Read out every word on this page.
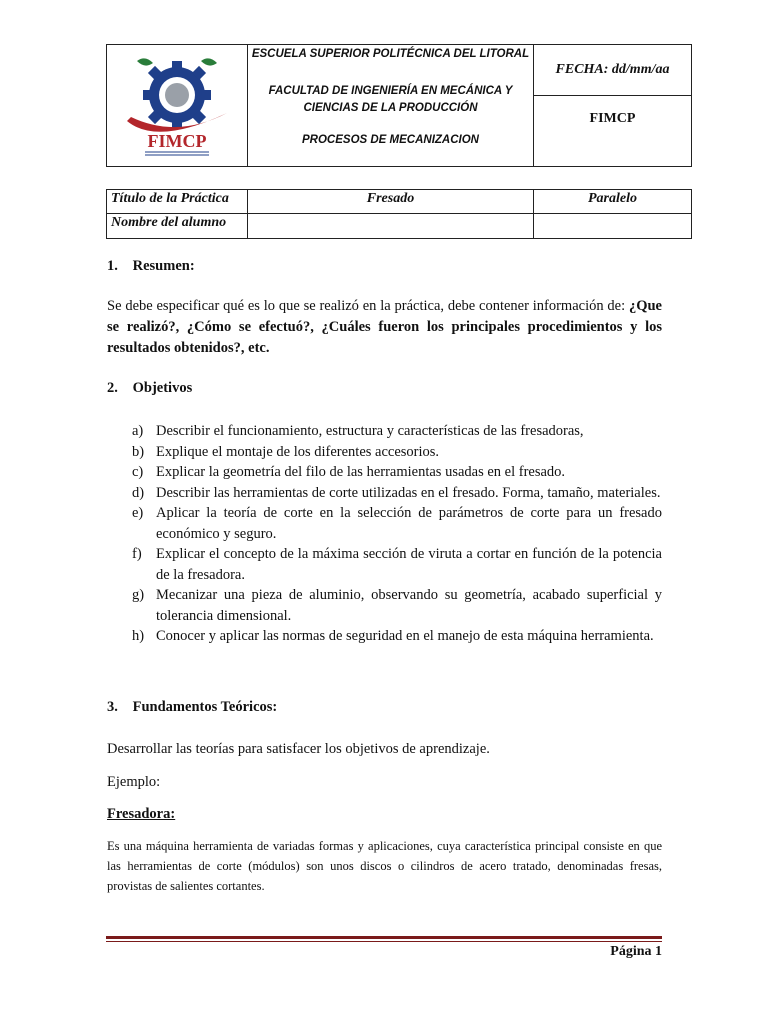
FIMCP
ESCUELA SUPERIOR POLITÉCNICA DEL LITORAL
FACULTAD DE INGENIERÍA EN MECÁNICA Y
CIENCIAS DE LA PRODUCCIÓN
PROCESOS DE MECANIZACION
FECHA: dd/mm/aa
FIMCP
Título de la Práctica	Fresado	Paralelo
Nombre del alumno
1. Resumen:
Se debe especificar qué es lo que se realizó en la práctica, debe contener información de: ¿Que se realizó?, ¿Cómo se efectuó?, ¿Cuáles fueron los principales procedimientos y los resultados obtenidos?, etc.
2. Objetivos
a) Describir el funcionamiento, estructura y características de las fresadoras,
b) Explique el montaje de los diferentes accesorios.
c) Explicar la geometría del filo de las herramientas usadas en el fresado.
d) Describir las herramientas de corte utilizadas en el fresado. Forma, tamaño, materiales.
e) Aplicar la teoría de corte en la selección de parámetros de corte para un fresado económico y seguro.
f) Explicar el concepto de la máxima sección de viruta a cortar en función de la potencia de la fresadora.
g) Mecanizar una pieza de aluminio, observando su geometría, acabado superficial y tolerancia dimensional.
h) Conocer y aplicar las normas de seguridad en el manejo de esta máquina herramienta.
3. Fundamentos Teóricos:
Desarrollar las teorías para satisfacer los objetivos de aprendizaje.
Ejemplo:
Fresadora:
Es una máquina herramienta de variadas formas y aplicaciones, cuya característica principal consiste en que las herramientas de corte (módulos) son unos discos o cilindros de acero tratado, denominadas fresas, provistas de salientes cortantes.
Página 1
